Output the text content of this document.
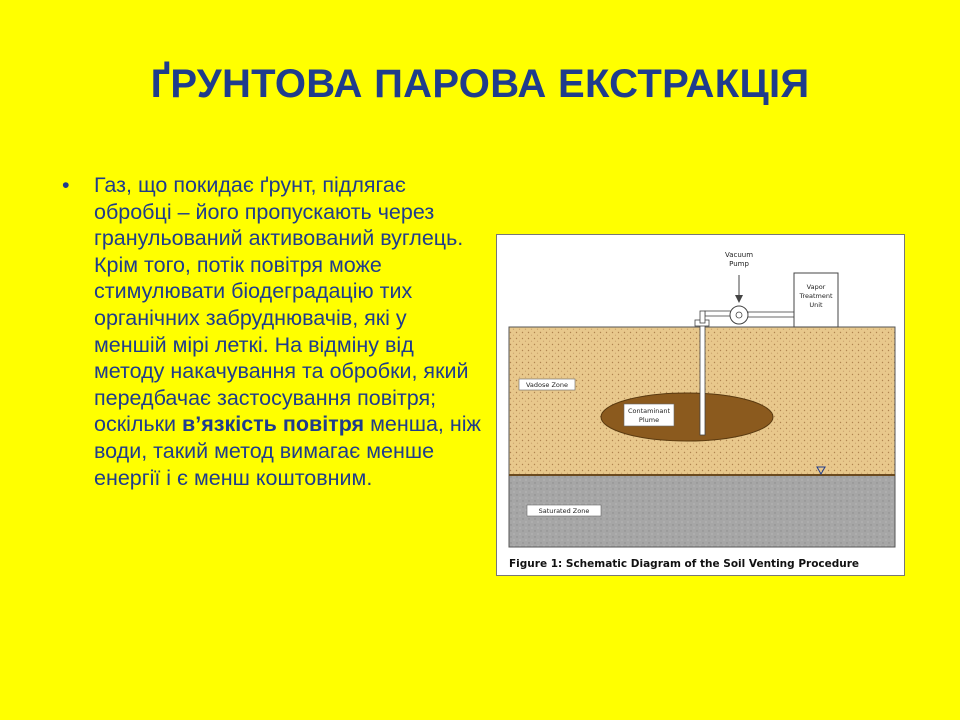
ҐРУНТОВА ПАРОВА ЕКСТРАКЦІЯ
• Газ, що покидає ґрунт, підлягає обробці – його пропускають через гранульований активований вуглець. Крім того, потік повітря може стимулювати біодеградацію тих органічних забруднювачів, які у меншій мірі леткі. На відміну від методу накачування та обробки, який передбачає застосування повітря; оскільки в’язкість повітря менша, ніж води, такий метод вимагає менше енергії і є менш коштовним.
Vacuum
Pump
Vapor
Treatment
Unit
Vadose Zone
Contaminant
Plume
Saturated Zone
Figure 1: Schematic Diagram of the Soil Venting Procedure
